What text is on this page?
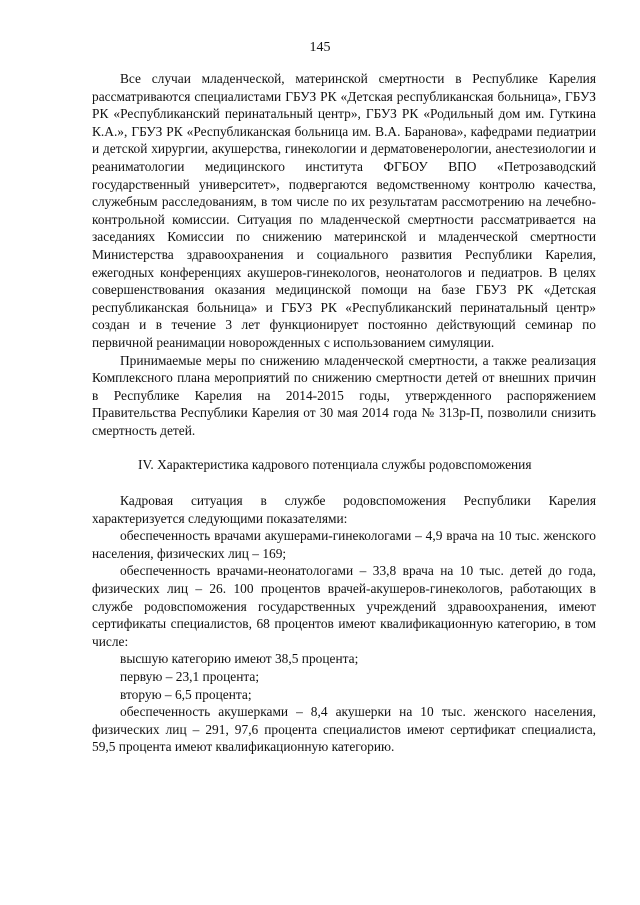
145

Все случаи младенческой, материнской смертности в Республике Карелия рассматриваются специалистами ГБУЗ РК «Детская республиканская больница», ГБУЗ РК «Республиканский перинатальный центр», ГБУЗ РК «Родильный дом им. Гуткина К.А.», ГБУЗ РК «Республиканская больница им. В.А. Баранова», кафедрами педиатрии и детской хирургии, акушерства, гинекологии и дерматовенерологии, анестезиологии и реаниматологии медицинского института ФГБОУ ВПО «Петрозаводский государственный университет», подвергаются ведомственному контролю качества, служебным расследованиям, в том числе по их результатам рассмотрению на лечебно-контрольной комиссии. Ситуация по младенческой смертности рассматривается на заседаниях Комиссии по снижению материнской и младенческой смертности Министерства здравоохранения и социального развития Республики Карелия, ежегодных конференциях акушеров-гинекологов, неонатологов и педиатров. В целях совершенствования оказания медицинской помощи на базе ГБУЗ РК «Детская республиканская больница» и ГБУЗ РК «Республиканский перинатальный центр» создан и в течение 3 лет функционирует постоянно действующий семинар по первичной реанимации новорожденных с использованием симуляции.

Принимаемые меры по снижению младенческой смертности, а также реализация Комплексного плана мероприятий по снижению смертности детей от внешних причин в Республике Карелия на 2014-2015 годы, утвержденного распоряжением Правительства Республики Карелия от 30 мая 2014 года № 313р-П, позволили снизить смертность детей.

IV. Характеристика кадрового потенциала службы родовспоможения

Кадровая ситуация в службе родовспоможения Республики Карелия характеризуется следующими показателями:

обеспеченность врачами акушерами-гинекологами – 4,9 врача на 10 тыс. женского населения, физических лиц – 169;

обеспеченность врачами-неонатологами – 33,8 врача на 10 тыс. детей до года, физических лиц – 26. 100 процентов врачей-акушеров-гинекологов, работающих в службе родовспоможения государственных учреждений здравоохранения, имеют сертификаты специалистов, 68 процентов имеют квалификационную категорию, в том числе:

высшую категорию имеют 38,5 процента;

первую – 23,1 процента;

вторую – 6,5 процента;

обеспеченность акушерками – 8,4 акушерки на 10 тыс. женского населения, физических лиц – 291, 97,6 процента специалистов имеют сертификат специалиста, 59,5 процента имеют квалификационную категорию.
